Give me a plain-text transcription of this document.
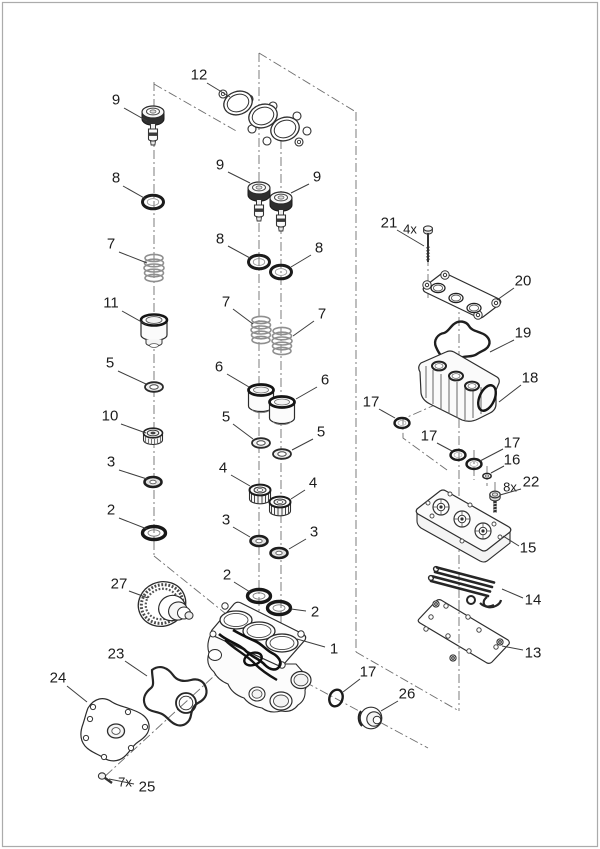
9
8
7
11
5
10
3
2
12
9
9
8
8
7
7
6
6
5
5
4
4
3
3
2
2
1
27
23
24
7x 25
17
26
21 4x
20
19
18
17
17	17
16
8x 22
15
14
13
